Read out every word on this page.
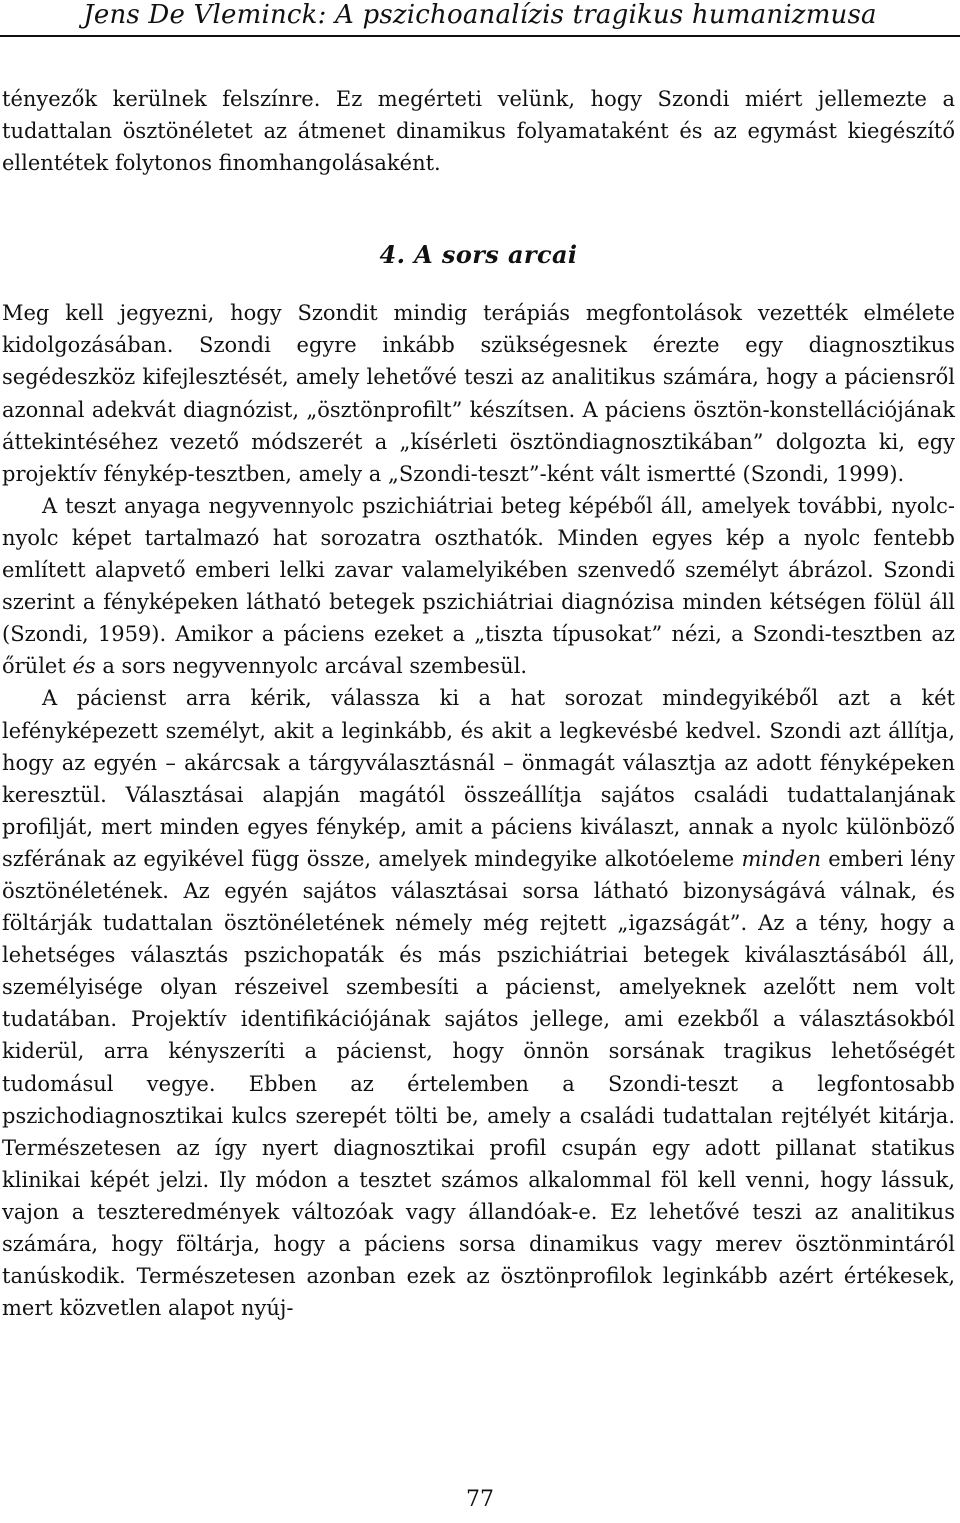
Jens De Vleminck: A pszichoanalízis tragikus humanizmusa

tényezők kerülnek felszínre. Ez megérteti velünk, hogy Szondi miért jellemezte a tudattalan ösztönéletet az átmenet dinamikus folyamataként és az egymást kiegészítő ellentétek folytonos finomhangolásaként.

4. A sors arcai

Meg kell jegyezni, hogy Szondit mindig terápiás megfontolások vezették elmélete kidolgozásában. Szondi egyre inkább szükségesnek érezte egy diagnosztikus segédeszköz kifejlesztését, amely lehetővé teszi az analitikus számára, hogy a páciensről azonnal adekvát diagnózist, „ösztönprofilt” készítsen. A páciens ösztön-konstellációjának áttekintéséhez vezető módszerét a „kísérleti ösztöndiagnosztikában” dolgozta ki, egy projektív fénykép-tesztben, amely a „Szondi-teszt”-ként vált ismertté (Szondi, 1999).

A teszt anyaga negyvennyolc pszichiátriai beteg képéből áll, amelyek további, nyolc-nyolc képet tartalmazó hat sorozatra oszthatók. Minden egyes kép a nyolc fentebb említett alapvető emberi lelki zavar valamelyikében szenvedő személyt ábrázol. Szondi szerint a fényképeken látható betegek pszichiátriai diagnózisa minden kétségen fölül áll (Szondi, 1959). Amikor a páciens ezeket a „tiszta típusokat” nézi, a Szondi-tesztben az őrület és a sors negyvennyolc arcával szembesül.

A pácienst arra kérik, válassza ki a hat sorozat mindegyikéből azt a két lefényképezett személyt, akit a leginkább, és akit a legkevésbé kedvel. Szondi azt állítja, hogy az egyén – akárcsak a tárgyválasztásnál – önmagát választja az adott fényképeken keresztül. Választásai alapján magától összeállítja sajátos családi tudattalanjának profilját, mert minden egyes fénykép, amit a páciens kiválaszt, annak a nyolc különböző szférának az egyikével függ össze, amelyek mindegyike alkotóeleme minden emberi lény ösztönéletének. Az egyén sajátos választásai sorsa látható bizonyságává válnak, és föltárják tudattalan ösztönéletének némely még rejtett „igazságát”. Az a tény, hogy a lehetséges választás pszichopaták és más pszichiátriai betegek kiválasztásából áll, személyisége olyan részeivel szembesíti a pácienst, amelyeknek azelőtt nem volt tudatában. Projektív identifikációjának sajátos jellege, ami ezekből a választásokból kiderül, arra kényszeríti a pácienst, hogy önnön sorsának tragikus lehetőségét tudomásul vegye. Ebben az értelemben a Szondi-teszt a legfontosabb pszichodiagnosztikai kulcs szerepét tölti be, amely a családi tudattalan rejtélyét kitárja. Természetesen az így nyert diagnosztikai profil csupán egy adott pillanat statikus klinikai képét jelzi. Ily módon a tesztet számos alkalommal föl kell venni, hogy lássuk, vajon a teszteredmények változóak vagy állandóak-e. Ez lehetővé teszi az analitikus számára, hogy föltárja, hogy a páciens sorsa dinamikus vagy merev ösztönmintáról tanúskodik. Természetesen azonban ezek az ösztönprofilok leginkább azért értékesek, mert közvetlen alapot nyúj-

77
